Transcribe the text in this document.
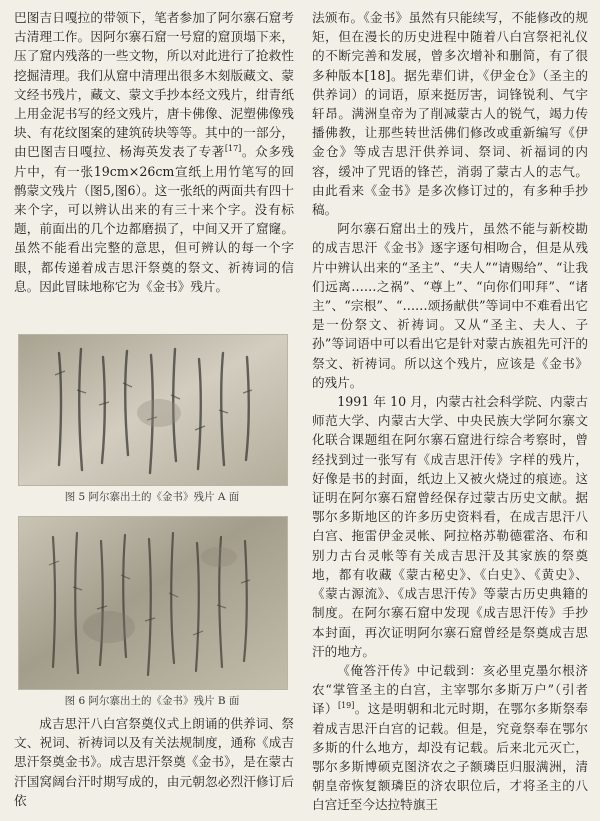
巴图吉日嘎拉的带领下，笔者参加了阿尔寨石窟考古清理工作。因阿尔寨石窟一号窟的窟顶塌下来，压了窟内残落的一些文物，所以对此进行了抢救性挖掘清理。我们从窟中清理出很多木刻版藏文、蒙文经书残片，藏文、蒙文手抄本经文残片，绀青纸上用金泥书写的经文残片，唐卡佛像、泥塑佛像残块、有花纹图案的建筑砖块等等。其中的一部分，由巴图吉日嘎拉、杨海英发表了专著[17]。众多残片中，有一张19cm×26cm宣纸上用竹笔写的回鹘蒙文残片（图5,图6）。这一张纸的两面共有四十来个字，可以辨认出来的有三十来个字。没有标题，前面出的几个边都磨损了，中间又开了窟窿。虽然不能看出完整的意思，但可辨认的每一个字眼，都传递着成吉思汗祭奠的祭文、祈祷词的信息。因此冒昧地称它为《金书》残片。

图 5 阿尔寨出土的《金书》残片 A 面
图 6 阿尔寨出土的《金书》残片 B 面

成吉思汗八白宫祭奠仪式上朗诵的供养词、祭文、祝词、祈祷词以及有关法规制度，通称《成吉思汗祭奠金书》。成吉思汗祭奠《金书》，是在蒙古汗国窝阔台汗时期写成的，由元朝忽必烈汗修订后依

法颁布。《金书》虽然有只能续写，不能修改的规矩，但在漫长的历史进程中随着八白宫祭祀礼仪的不断完善和发展，曾多次增补和删简，有了很多种版本[18]。据先辈们讲，《伊金仓》（圣主的供养词）的词语，原来挺厉害，词锋锐利、气宇轩昂。满洲皇帝为了削减蒙古人的锐气，竭力传播佛教，让那些转世活佛们修改或重新编写《伊金仓》等成吉思汗供养词、祭词、祈福词的内容，缓冲了咒语的锋芒，消弱了蒙古人的志气。由此看来《金书》是多次修订过的，有多种手抄稿。

阿尔寨石窟出土的残片，虽然不能与新校勘的成吉思汗《金书》逐字逐句相吻合，但是从残片中辨认出来的“圣主”、“夫人”“请赐给”、“让我们远离……之祸”、“尊上”、“向你们叩拜”、“诸主”、“宗根”、“……颂扬献供”等词中不难看出它是一份祭文、祈祷词。又从“圣主、夫人、子孙”等词语中可以看出它是针对蒙古族祖先可汗的祭文、祈祷词。所以这个残片，应该是《金书》的残片。

1991 年 10 月，内蒙古社会科学院、内蒙古师范大学、内蒙古大学、中央民族大学阿尔寨文化联合课题组在阿尔寨石窟进行综合考察时，曾经找到过一张写有《成吉思汗传》字样的残片，好像是书的封面，纸边上又被火烧过的痕迹。这证明在阿尔寨石窟曾经保存过蒙古历史文献。据鄂尔多斯地区的许多历史资料看，在成吉思汗八白宫、拖雷伊金灵帐、阿拉格苏勒德霍洛、布和别力古台灵帐等有关成吉思汗及其家族的祭奠地，都有收藏《蒙古秘史》、《白史》、《黄史》、《蒙古源流》、《成吉思汗传》等蒙古历史典籍的制度。在阿尔寨石窟中发现《成吉思汗传》手抄本封面，再次证明阿尔寨石窟曾经是祭奠成吉思汗的地方。

《俺答汗传》中记载到：亥必里克墨尔根济农“掌管圣主的白宫，主宰鄂尔多斯万户”（引者译）[19]。这是明朝和北元时期，在鄂尔多斯祭奉着成吉思汗白宫的记载。但是，究竟祭奉在鄂尔多斯的什么地方，却没有记载。后来北元灭亡，鄂尔多斯博硕克图济农之子额璘臣归服满洲，清朝皇帝恢复额璘臣的济农职位后，才将圣主的八白宫迁至今达拉特旗王
